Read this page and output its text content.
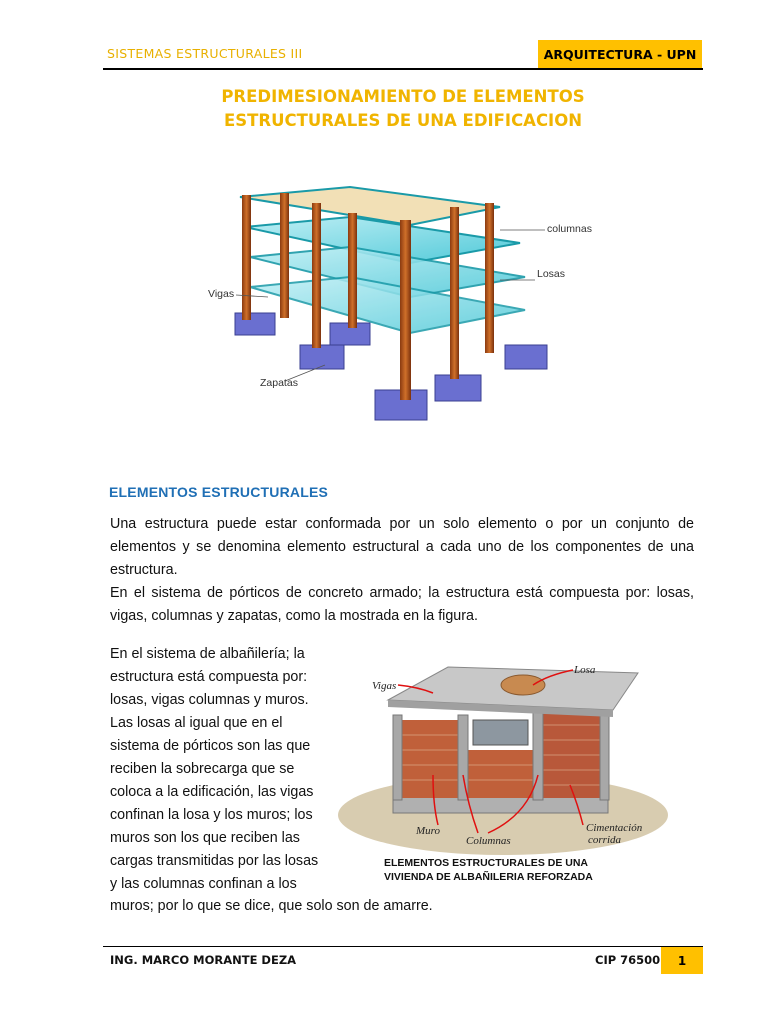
SISTEMAS ESTRUCTURALES III	ARQUITECTURA - UPN
PREDIMESIONAMIENTO DE ELEMENTOS
ESTRUCTURALES DE UNA EDIFICACION
columnas
Losas
Vigas
Zapatas
ELEMENTOS ESTRUCTURALES
Una estructura puede estar conformada por un solo elemento o por un conjunto de elementos y se denomina elemento estructural a cada uno de los componentes de una estructura.
En el sistema de pórticos de concreto armado; la estructura está compuesta por: losas, vigas, columnas y zapatas, como la mostrada en la figura.
En el sistema de albañilería; la
estructura está compuesta por:
losas, vigas columnas y muros.
Las losas al igual que en el
sistema de pórticos son las que
reciben la sobrecarga que se
coloca a la edificación, las vigas
confinan la losa y los muros; los
muros son los que reciben las
cargas transmitidas por las losas
y las columnas confinan a los
muros; por lo que se dice, que solo son de amarre.
Losa
Vigas
Muro
Columnas
Cimentación
corrida
ELEMENTOS ESTRUCTURALES DE UNA
VIVIENDA DE ALBAÑILERIA REFORZADA
ING. MARCO MORANTE DEZA	CIP 76500	1
